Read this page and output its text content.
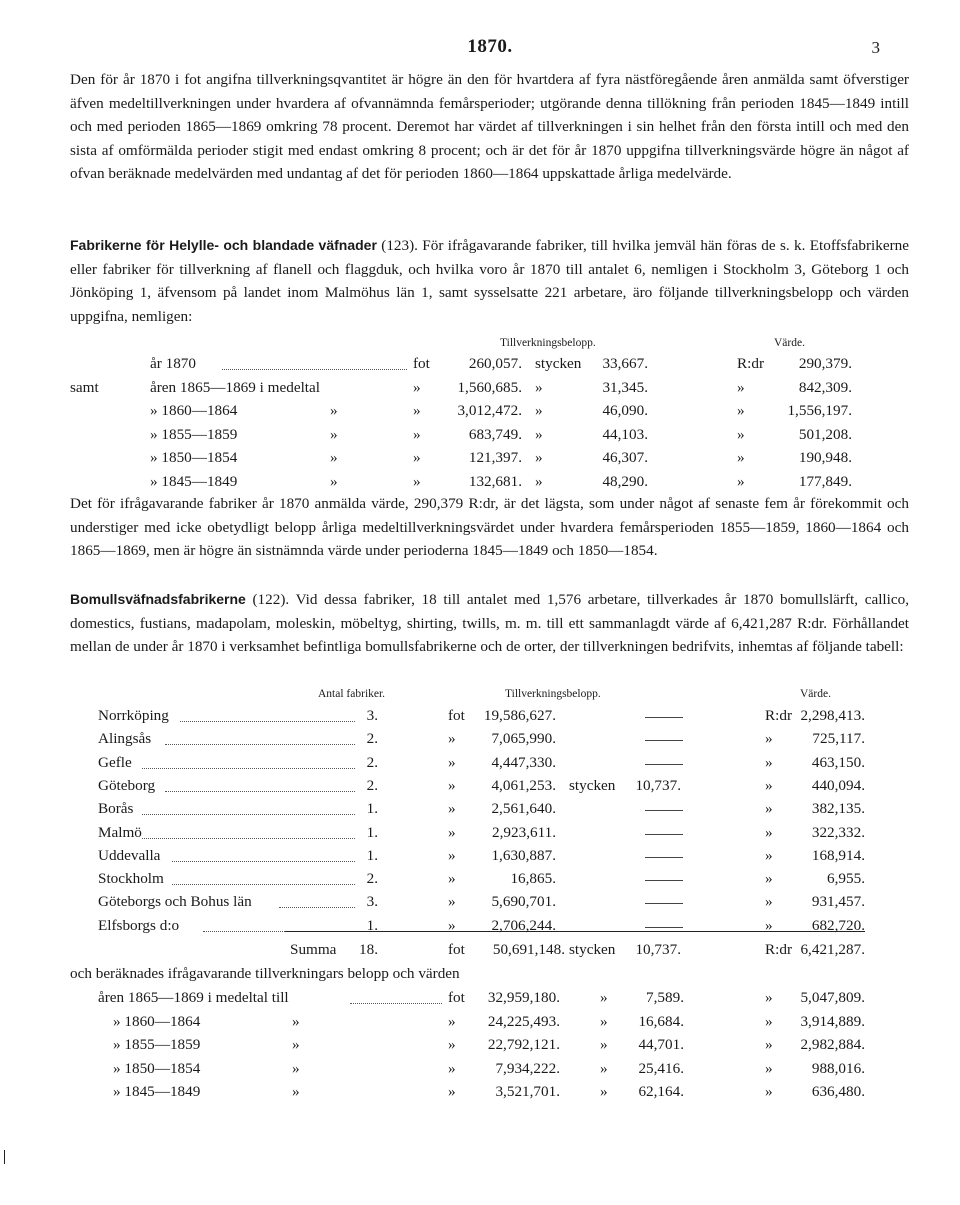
1870.	3

Den för år 1870 i fot angifna tillverkningsqvantitet är högre än den för hvartdera af fyra nästföregående åren anmälda samt öfverstiger äfven medeltillverkningen under hvardera af ofvannämnda femårsperioder; utgörande denna tillökning från perioden 1845—1849 intill och med perioden 1865—1869 omkring 78 procent. Deremot har värdet af tillverkningen i sin helhet från den första intill och med den sista af omförmälda perioder stigit med endast omkring 8 procent; och är det för år 1870 uppgifna tillverkningsvärde högre än något af ofvan beräknade medelvärden med undantag af det för perioden 1860—1864 uppskattade årliga medelvärde.

Fabrikerne för Helylle- och blandade väfnader (123). För ifrågavarande fabriker, till hvilka jemväl hän föras de s. k. Etoffsfabrikerne eller fabriker för tillverkning af flanell och flaggduk, och hvilka voro år 1870 till antalet 6, nemligen i Stockholm 3, Göteborg 1 och Jönköping 1, äfvensom på landet inom Malmöhus län 1, samt sysselsatte 221 arbetare, äro följande tillverkningsbelopp och värden uppgifna, nemligen:

Tillverkningsbelopp.	Värde.
år 1870	fot	260,057. stycken	33,667.	R:dr	290,379.
samt	åren 1865—1869 i medeltal	»	1,560,685. »	31,345.	»	842,309.
» 1860—1864	»	»	3,012,472. »	46,090.	»	1,556,197.
» 1855—1859	»	»	683,749. »	44,103.	»	501,208.
» 1850—1854	»	»	121,397. »	46,307.	»	190,948.
» 1845—1849	»	»	132,681. »	48,290.	»	177,849.

Det för ifrågavarande fabriker år 1870 anmälda värde, 290,379 R:dr, är det lägsta, som under något af senaste fem år förekommit och understiger med icke obetydligt belopp årliga medeltillverkningsvärdet under hvardera femårsperioden 1855—1859, 1860—1864 och 1865—1869, men är högre än sistnämnda värde under perioderna 1845—1849 och 1850—1854.

Bomullsväfnadsfabrikerne (122). Vid dessa fabriker, 18 till antalet med 1,576 arbetare, tillverkades år 1870 bomullslärft, callico, domestics, fustians, madapolam, moleskin, möbeltyg, shirting, twills, m. m. till ett sammanlagdt värde af 6,421,287 R:dr. Förhållandet mellan de under år 1870 i verksamhet befintliga bomullsfabrikerne och de orter, der tillverkningen bedrifvits, inhemtas af följande tabell:

Antal fabriker.	Tillverkningsbelopp.	Värde.
Norrköping	3.	fot	19,586,627.	R:dr 2,298,413.
Alingsås	2.	»	7,065,990.	»	725,117.
Gefle	2.	»	4,447,330.	»	463,150.
Göteborg	2.	»	4,061,253. stycken	10,737.	»	440,094.
Borås	1.	»	2,561,640.	»	382,135.
Malmö	1.	»	2,923,611.	»	322,332.
Uddevalla	1.	»	1,630,887.	»	168,914.
Stockholm	2.	»	16,865.	»	6,955.
Göteborgs och Bohus län	3.	»	5,690,701.	»	931,457.
Elfsborgs d:o	1.	»	2,706,244.	»	682,720.
Summa	18.	fot	50,691,148. stycken	10,737.	R:dr 6,421,287.
och beräknades ifrågavarande tillverkningars belopp och värden
åren 1865—1869 i medeltal till	fot	32,959,180.	»	7,589.	»	5,047,809.
» 1860—1864	»	»	24,225,493.	»	16,684.	»	3,914,889.
» 1855—1859	»	»	22,792,121.	»	44,701.	»	2,982,884.
» 1850—1854	»	»	7,934,222.	»	25,416.	»	988,016.
» 1845—1849	»	»	3,521,701.	»	62,164.	»	636,480.
